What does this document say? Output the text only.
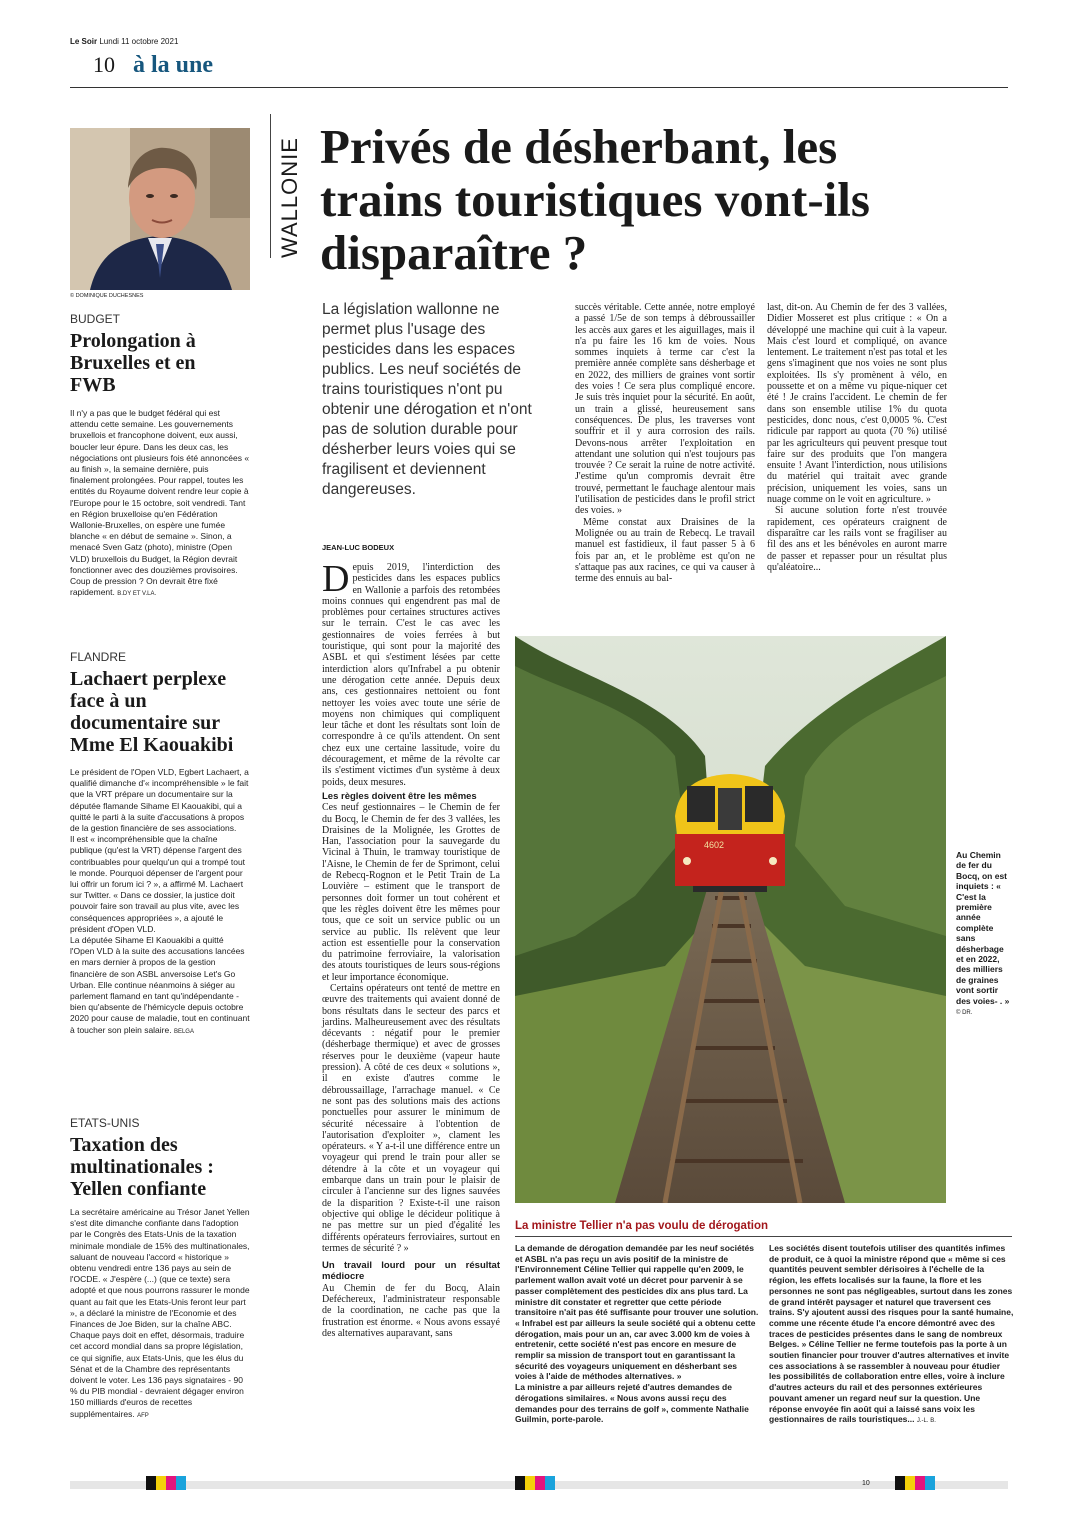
Le Soir Lundi 11 octobre 2021
10 à la une
© DOMINIQUE DUCHESNES
BUDGET
Prolongation à Bruxelles et en FWB
Il n'y a pas que le budget fédéral qui est attendu cette semaine. Les gouvernements bruxellois et francophone doivent, eux aussi, boucler leur épure. Dans les deux cas, les négociations ont plusieurs fois été annoncées « au finish », la semaine dernière, puis finalement prolongées. Pour rappel, toutes les entités du Royaume doivent rendre leur copie à l'Europe pour le 15 octobre, soit vendredi. Tant en Région bruxelloise qu'en Fédération Wallonie-Bruxelles, on espère une fumée blanche « en début de semaine ». Sinon, a menacé Sven Gatz (photo), ministre (Open VLD) bruxellois du Budget, la Région devrait fonctionner avec des douzièmes provisoires. Coup de pression ? On devrait être fixé rapidement. B.DY ET V.LA.
FLANDRE
Lachaert perplexe face à un documentaire sur Mme El Kaouakibi

Le président de l'Open VLD, Egbert Lachaert, a qualifié dimanche d'« incompréhensible » le fait que la VRT prépare un documentaire sur la députée flamande Sihame El Kaouakibi, qui a quitté le parti à la suite d'accusations à propos de la gestion financière de ses associations.

Il est « incompréhensible que la chaîne publique (qu'est la VRT) dépense l'argent des contribuables pour quelqu'un qui a trompé tout le monde. Pourquoi dépenser de l'argent pour lui offrir un forum ici ? », a affirmé M. Lachaert sur Twitter. « Dans ce dossier, la justice doit pouvoir faire son travail au plus vite, avec les conséquences appropriées », a ajouté le président d'Open VLD.

La députée Sihame El Kaouakibi a quitté l'Open VLD à la suite des accusations lancées en mars dernier à propos de la gestion financière de son ASBL anversoise Let's Go Urban. Elle continue néanmoins à siéger au parlement flamand en tant qu'indépendante - bien qu'absente de l'hémicycle depuis octobre 2020 pour cause de maladie, tout en continuant à toucher son plein salaire. BELGA

ETATS-UNIS
Taxation des multinationales : Yellen confiante
La secrétaire américaine au Trésor Janet Yellen s'est dite dimanche confiante dans l'adoption par le Congrès des Etats-Unis de la taxation minimale mondiale de 15% des multinationales, saluant de nouveau l'accord « historique » obtenu vendredi entre 136 pays au sein de l'OCDE. « J'espère (...) (que ce texte) sera adopté et que nous pourrons rassurer le monde quant au fait que les Etats-Unis feront leur part », a déclaré la ministre de l'Economie et des Finances de Joe Biden, sur la chaîne ABC. Chaque pays doit en effet, désormais, traduire cet accord mondial dans sa propre législation, ce qui signifie, aux Etats-Unis, que les élus du Sénat et de la Chambre des représentants doivent le voter. Les 136 pays signataires - 90 % du PIB mondial - devraient dégager environ 150 milliards d'euros de recettes supplémentaires. AFP
WALLONIE Privés de désherbant, les trains touristiques vont-ils disparaître ?
La législation wallonne ne permet plus l'usage des pesticides dans les espaces publics. Les neuf sociétés de trains touristiques n'ont pu obtenir une dérogation et n'ont pas de solution durable pour désherber leurs voies qui se fragilisent et deviennent dangereuses.
JEAN-LUC BODEUX
D epuis 2019, l'interdiction des pesticides dans les espaces publics en Wallonie a parfois des retombées moins connues qui engendrent pas mal de problèmes pour certaines structures actives sur le terrain. C'est le cas avec les gestionnaires de voies ferrées à but touristique, qui sont pour la majorité des ASBL et qui s'estiment lésées par cette interdiction alors qu'Infrabel a pu obtenir une dérogation cette année. Depuis deux ans, ces gestionnaires nettoient ou font nettoyer les voies avec toute une série de moyens non chimiques qui compliquent leur tâche et dont les résultats sont loin de correspondre à ce qu'ils attendent. On sent chez eux une certaine lassitude, voire du découragement, et même de la révolte car ils s'estiment victimes d'un système à deux poids, deux mesures.
Les règles doivent être les mêmes

Ces neuf gestionnaires – le Chemin de fer du Bocq, le Chemin de fer des 3 vallées, les Draisines de la Molignée, les Grottes de Han, l'association pour la sauvegarde du Vicinal à Thuin, le tramway touristique de l'Aisne, le Chemin de fer de Sprimont, celui de Rebecq-Rognon et le Petit Train de La Louvière – estiment que le transport de personnes doit former un tout cohérent et que les règles doivent être les mêmes pour tous, que ce soit un service public ou un service au public. Ils relèvent que leur action est essentielle pour la conservation du patrimoine ferroviaire, la valorisation des atouts touristiques de leurs sous-régions et leur importance économique.

Certains opérateurs ont tenté de mettre en œuvre des traitements qui avaient donné de bons résultats dans le secteur des parcs et jardins. Malheureusement avec des résultats décevants : négatif pour le premier (désherbage thermique) et avec de grosses réserves pour le deuxième (vapeur haute pression). A côté de ces deux « solutions », il en existe d'autres comme le débroussaillage, l'arrachage manuel. « Ce ne sont pas des solutions mais des actions ponctuelles pour assurer le minimum de sécurité nécessaire à l'obtention de l'autorisation d'exploiter », clament les opérateurs. « Y a-t-il une différence entre un voyageur qui prend le train pour aller se détendre à la côte et un voyageur qui embarque dans un train pour le plaisir de circuler à l'ancienne sur des lignes sauvées de la disparition ? Existe-t-il une raison objective qui oblige le décideur politique à ne pas mettre sur un pied d'égalité les différents opérateurs ferroviaires, surtout en termes de sécurité ? »

Un travail lourd pour un résultat médiocre

Au Chemin de fer du Bocq, Alain Deféchereux, l'administrateur responsable de la coordination, ne cache pas que la frustration est énorme. « Nous avons essayé des alternatives auparavant, sans

succès véritable. Cette année, notre employé a passé 1/5e de son temps à débroussailler les accès aux gares et les aiguillages, mais il n'a pu faire les 16 km de voies. Nous sommes inquiets à terme car c'est la première année complète sans désherbage et en 2022, des milliers de graines vont sortir des voies ! Ce sera plus compliqué encore. Je suis très inquiet pour la sécurité. En août, un train a glissé, heureusement sans conséquences. De plus, les traverses vont souffrir et il y aura corrosion des rails. Devons-nous arrêter l'exploitation en attendant une solution qui n'est toujours pas trouvée ? Ce serait la ruine de notre activité. J'estime qu'un compromis devrait être trouvé, permettant le fauchage alentour mais l'utilisation de pesticides dans le profil strict des voies. »

Même constat aux Draisines de la Molignée ou au train de Rebecq. Le travail manuel est fastidieux, il faut passer 5 à 6 fois par an, et le problème est qu'on ne s'attaque pas aux racines, ce qui va causer à terme des ennuis au bal-

last, dit-on. Au Chemin de fer des 3 vallées, Didier Mosseret est plus critique : « On a développé une machine qui cuit à la vapeur. Mais c'est lourd et compliqué, on avance lentement. Le traitement n'est pas total et les gens s'imaginent que nos voies ne sont plus exploitées. Ils s'y promènent à vélo, en poussette et on a même vu pique-niquer cet été ! Je crains l'accident. Le chemin de fer dans son ensemble utilise 1% du quota pesticides, donc nous, c'est 0,0005 %. C'est ridicule par rapport au quota (70 %) utilisé par les agriculteurs qui peuvent presque tout faire sur des produits que l'on mangera ensuite ! Avant l'interdiction, nous utilisions du matériel qui traitait avec grande précision, uniquement les voies, sans un nuage comme on le voit en agriculture. »

Si aucune solution forte n'est trouvée rapidement, ces opérateurs craignent de disparaître car les rails vont se fragiliser au fil des ans et les bénévoles en auront marre de passer et repasser pour un résultat plus qu'aléatoire...

4602
Au Chemin de fer du Bocq, on est inquiets : « C'est la première année complète sans désherbage et en 2022, des milliers de graines vont sortir des voies- . » © DR.
La ministre Tellier n'a pas voulu de dérogation

La demande de dérogation demandée par les neuf sociétés et ASBL n'a pas reçu un avis positif de la ministre de l'Environnement Céline Tellier qui rappelle qu'en 2009, le parlement wallon avait voté un décret pour parvenir à se passer complètement des pesticides dix ans plus tard. La ministre dit constater et regretter que cette période transitoire n'ait pas été suffisante pour trouver une solution.

« Infrabel est par ailleurs la seule société qui a obtenu cette dérogation, mais pour un an, car avec 3.000 km de voies à entretenir, cette société n'est pas encore en mesure de remplir sa mission de transport tout en garantissant la sécurité des voyageurs uniquement en désherbant ses voies à l'aide de méthodes alternatives. »

La ministre a par ailleurs rejeté d'autres demandes de dérogations similaires. « Nous avons aussi reçu des demandes pour des terrains de golf », commente Nathalie Guilmin, porte-parole.

Les sociétés disent toutefois utiliser des quantités infimes de produit, ce à quoi la ministre répond que « même si ces quantités peuvent sembler dérisoires à l'échelle de la région, les effets localisés sur la faune, la flore et les personnes ne sont pas négligeables, surtout dans les zones de grand intérêt paysager et naturel que traversent ces trains. S'y ajoutent aussi des risques pour la santé humaine, comme une récente étude l'a encore démontré avec des traces de pesticides présentes dans le sang de nombreux Belges. » Céline Tellier ne ferme toutefois pas la porte à un soutien financier pour trouver d'autres alternatives et invite ces associations à se rassembler à nouveau pour étudier les possibilités de collaboration entre elles, voire à inclure d'autres acteurs du rail et des personnes extérieures pouvant amener un regard neuf sur la question. Une réponse envoyée fin août qui a laissé sans voix les gestionnaires de rails touristiques... J.-L. B.
10
